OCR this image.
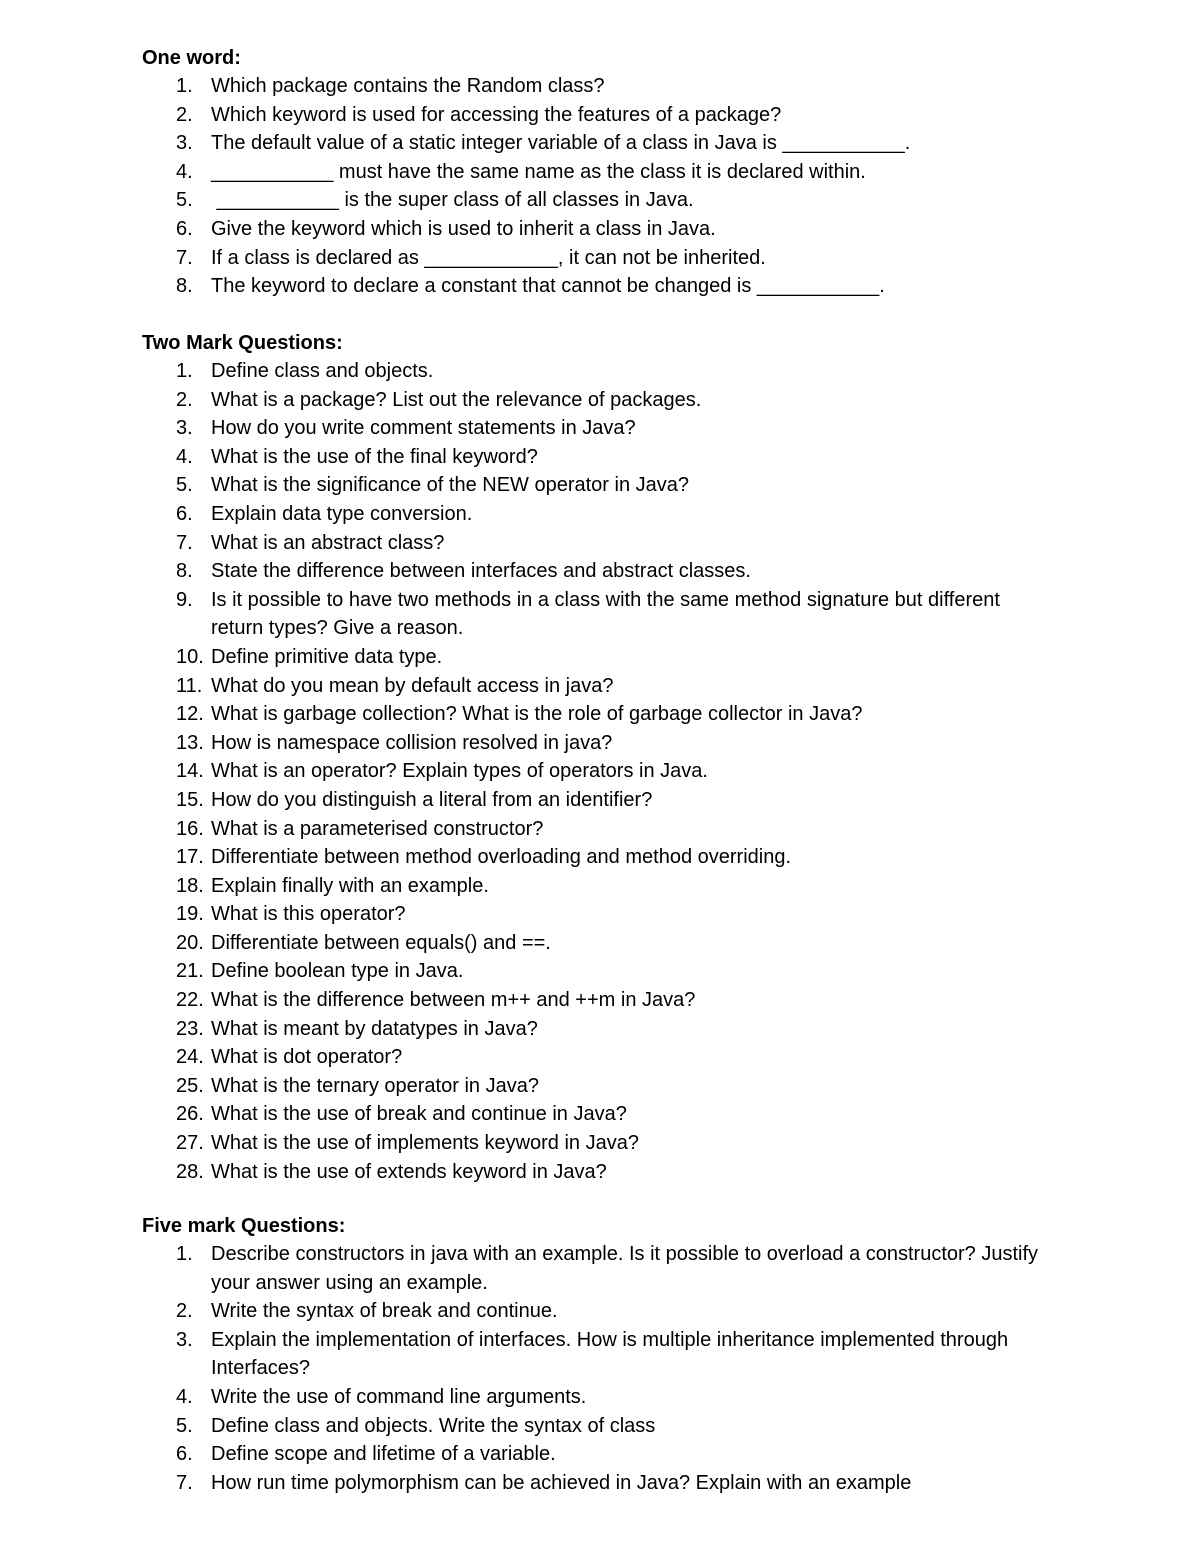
One word:
1. Which package contains the Random class?
2. Which keyword is used for accessing the features of a package?
3. The default value of a static integer variable of a class in Java is ___________.
4. ___________ must have the same name as the class it is declared within.
5. ___________ is the super class of all classes in Java.
6. Give the keyword which is used to inherit a class in Java.
7. If a class is declared as ____________, it can not be inherited.
8. The keyword to declare a constant that cannot be changed is ___________.
Two Mark Questions:
1. Define class and objects.
2. What is a package? List out the relevance of packages.
3. How do you write comment statements in Java?
4. What is the use of the final keyword?
5. What is the significance of the NEW operator in Java?
6. Explain data type conversion.
7. What is an abstract class?
8. State the difference between interfaces and abstract classes.
9. Is it possible to have two methods in a class with the same method signature but different return types? Give a reason.
10. Define primitive data type.
11. What do you mean by default access in java?
12. What is garbage collection? What is the role of garbage collector in Java?
13. How is namespace collision resolved in java?
14. What is an operator? Explain types of operators in Java.
15. How do you distinguish a literal from an identifier?
16. What is a parameterised constructor?
17. Differentiate between method overloading and method overriding.
18. Explain finally with an example.
19. What is this operator?
20. Differentiate between equals() and ==.
21. Define boolean type in Java.
22. What is the difference between m++ and ++m in Java?
23. What is meant by datatypes in Java?
24. What is dot operator?
25. What is the ternary operator in Java?
26. What is the use of break and continue in Java?
27. What is the use of implements keyword in Java?
28. What is the use of extends keyword in Java?
Five mark Questions:
1. Describe constructors in java with an example. Is it possible to overload a constructor? Justify your answer using an example.
2. Write the syntax of break and continue.
3. Explain the implementation of interfaces. How is multiple inheritance implemented through Interfaces?
4. Write the use of command line arguments.
5. Define class and objects. Write the syntax of class
6. Define scope and lifetime of a variable.
7. How run time polymorphism can be achieved in Java? Explain with an example
